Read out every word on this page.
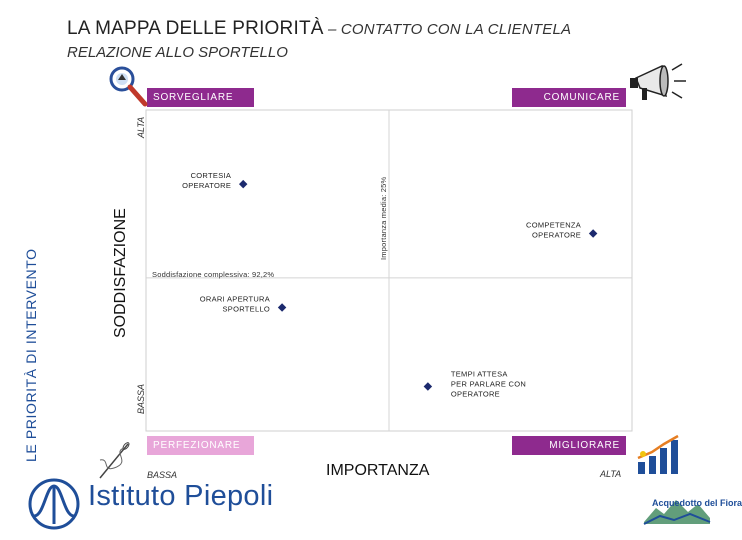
LA MAPPA DELLE PRIORITÀ – CONTATTO CON LA CLIENTELA
RELAZIONE ALLO SPORTELLO
LE PRIORITÀ DI INTERVENTO	SODDISFAZIONE
ALTA
BASSA
BASSA	ALTA
IMPORTANZA
Importanza media: 25%
Soddisfazione complessiva: 92,2%
CORTESIA
OPERATORE
COMPETENZA
OPERATORE
ORARI APERTURA
SPORTELLO
TEMPI ATTESA
PER PARLARE CON
OPERATORE
SORVEGLIARE	COMUNICARE
PERFEZIONARE	MIGLIORARE
Istituto Piepoli	Acquedotto del Fiora
